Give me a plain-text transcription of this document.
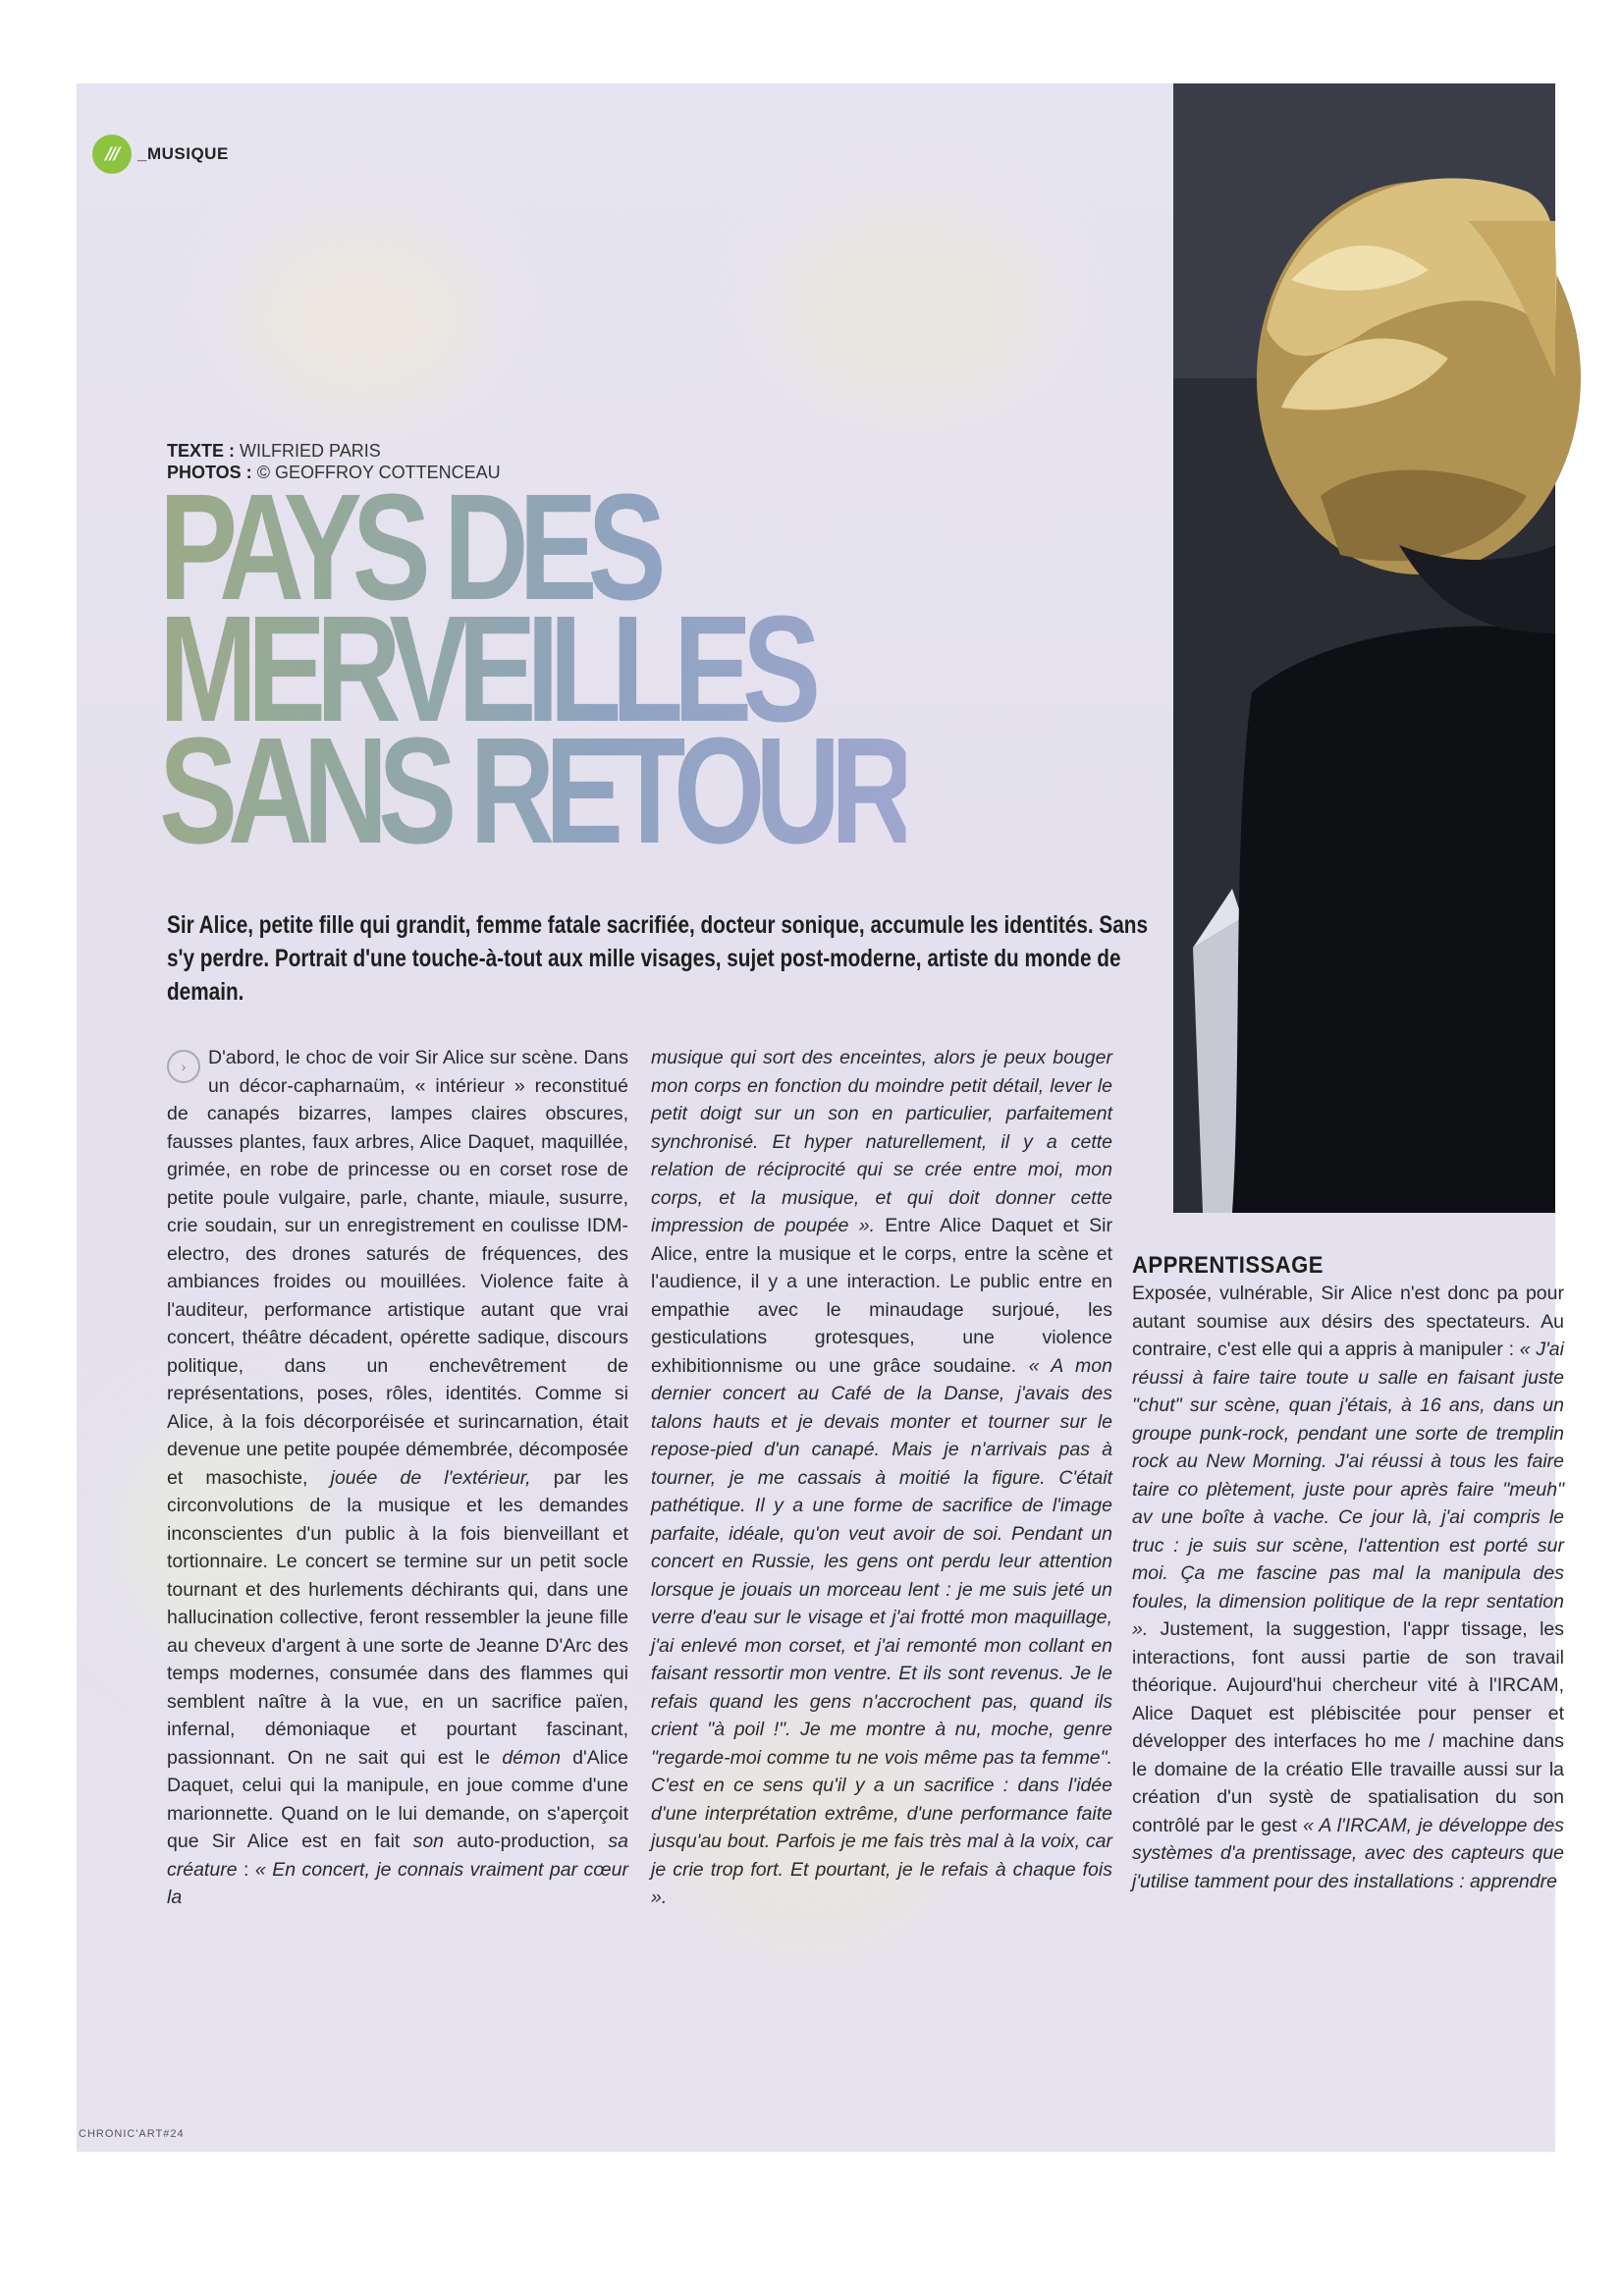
/// _MUSIQUE
TEXTE : WILFRIED PARIS
PHOTOS : © GEOFFROY COTTENCEAU
PAYS DES
MERVEILLES
SANS RETOUR

Sir Alice, petite fille qui grandit, femme fatale sacrifiée, docteur sonique, accumule les identités. Sans s'y perdre. Portrait d'une touche-à-tout aux mille visages, sujet post-moderne, artiste du monde de demain.

›	D'abord, le choc de voir Sir Alice sur scène. Dans un décor-capharnaüm, « intérieur » reconstitué de canapés bizarres, lampes claires obscures, fausses plantes, faux arbres, Alice Daquet, maquillée, grimée, en robe de princesse ou en corset rose de petite poule vulgaire, parle, chante, miaule, susurre, crie soudain, sur un enregistrement en coulisse IDM-electro, des drones saturés de fréquences, des ambiances froides ou mouillées. Violence faite à l'auditeur, performance artistique autant que vrai concert, théâtre décadent, opérette sadique, discours politique, dans un enchevêtrement de représentations, poses, rôles, identités. Comme si Alice, à la fois décorporéisée et surincarnation, était devenue une petite poupée démembrée, décomposée et masochiste, jouée de l'extérieur, par les circonvolutions de la musique et les demandes inconscientes d'un public à la fois bienveillant et tortionnaire. Le concert se termine sur un petit socle tournant et des hurlements déchirants qui, dans une hallucination collective, feront ressembler la jeune fille au cheveux d'argent à une sorte de Jeanne D'Arc des temps modernes, consumée dans des flammes qui semblent naître à la vue, en un sacrifice païen, infernal, démoniaque et pourtant fascinant, passionnant. On ne sait qui est le démon d'Alice Daquet, celui qui la manipule, en joue comme d'une marionnette. Quand on le lui demande, on s'aperçoit que Sir Alice est en fait son auto-production, sa créature : « En concert, je connais vraiment par cœur la

musique qui sort des enceintes, alors je peux bouger mon corps en fonction du moindre petit détail, lever le petit doigt sur un son en particulier, parfaitement synchronisé. Et hyper naturellement, il y a cette relation de réciprocité qui se crée entre moi, mon corps, et la musique, et qui doit donner cette impression de poupée ». Entre Alice Daquet et Sir Alice, entre la musique et le corps, entre la scène et l'audience, il y a une interaction. Le public entre en empathie avec le minaudage surjoué, les gesticulations grotesques, une violence exhibitionnisme ou une grâce soudaine. « A mon dernier concert au Café de la Danse, j'avais des talons hauts et je devais monter et tourner sur le repose-pied d'un canapé. Mais je n'arrivais pas à tourner, je me cassais à moitié la figure. C'était pathétique. Il y a une forme de sacrifice de l'image parfaite, idéale, qu'on veut avoir de soi. Pendant un concert en Russie, les gens ont perdu leur attention lorsque je jouais un morceau lent : je me suis jeté un verre d'eau sur le visage et j'ai frotté mon maquillage, j'ai enlevé mon corset, et j'ai remonté mon collant en faisant ressortir mon ventre. Et ils sont revenus. Je le refais quand les gens n'accrochent pas, quand ils crient "à poil !". Je me montre à nu, moche, genre "regarde-moi comme tu ne vois même pas ta femme". C'est en ce sens qu'il y a un sacrifice : dans l'idée d'une interprétation extrême, d'une performance faite jusqu'au bout. Parfois je me fais très mal à la voix, car je crie trop fort. Et pourtant, je le refais à chaque fois ».

APPRENTISSAGE

Exposée, vulnérable, Sir Alice n'est donc pa pour autant soumise aux désirs des spectateurs. Au contraire, c'est elle qui a appris à manipuler : « J'ai réussi à faire taire toute u salle en faisant juste "chut" sur scène, quan j'étais, à 16 ans, dans un groupe punk-rock, pendant une sorte de tremplin rock au New Morning. J'ai réussi à tous les faire taire co plètement, juste pour après faire "meuh" av une boîte à vache. Ce jour là, j'ai compris le truc : je suis sur scène, l'attention est porté sur moi. Ça me fascine pas mal la manipula des foules, la dimension politique de la repr sentation ». Justement, la suggestion, l'appr tissage, les interactions, font aussi partie de son travail théorique. Aujourd'hui chercheur vité à l'IRCAM, Alice Daquet est plébiscitée pour penser et développer des interfaces ho me / machine dans le domaine de la créatio Elle travaille aussi sur la création d'un systè de spatialisation du son contrôlé par le gest « A l'IRCAM, je développe des systèmes d'a prentissage, avec des capteurs que j'utilise tamment pour des installations : apprendre

CHRONIC'ART#24
